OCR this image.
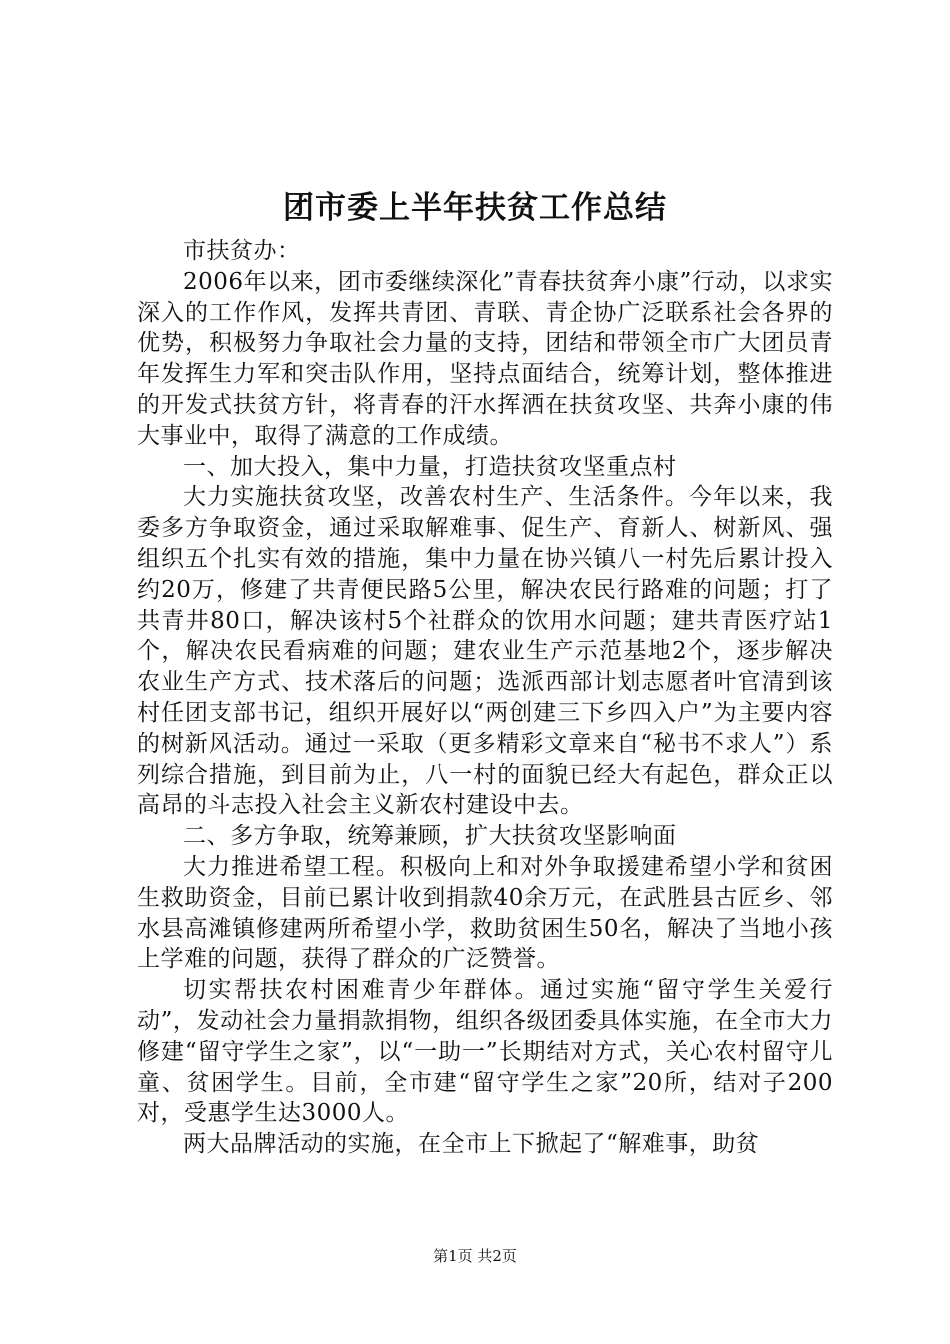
团市委上半年扶贫工作总结

市扶贫办：

2006年以来，团市委继续深化”青春扶贫奔小康”行动，以求实深入的工作作风，发挥共青团、青联、青企协广泛联系社会各界的优势，积极努力争取社会力量的支持，团结和带领全市广大团员青年发挥生力军和突击队作用，坚持点面结合，统筹计划，整体推进的开发式扶贫方针，将青春的汗水挥洒在扶贫攻坚、共奔小康的伟大事业中，取得了满意的工作成绩。

一、加大投入，集中力量，打造扶贫攻坚重点村

大力实施扶贫攻坚，改善农村生产、生活条件。今年以来，我委多方争取资金，通过采取解难事、促生产、育新人、树新风、强组织五个扎实有效的措施，集中力量在协兴镇八一村先后累计投入约20万，修建了共青便民路5公里，解决农民行路难的问题；打了共青井80口，解决该村5个社群众的饮用水问题；建共青医疗站1个，解决农民看病难的问题；建农业生产示范基地2个，逐步解决农业生产方式、技术落后的问题；选派西部计划志愿者叶官清到该村任团支部书记，组织开展好以“两创建三下乡四入户”为主要内容的树新风活动。通过一采取（更多精彩文章来自“秘书不求人”）系列综合措施，到目前为止，八一村的面貌已经大有起色，群众正以高昂的斗志投入社会主义新农村建设中去。

二、多方争取，统筹兼顾，扩大扶贫攻坚影响面

大力推进希望工程。积极向上和对外争取援建希望小学和贫困生救助资金，目前已累计收到捐款40余万元，在武胜县古匠乡、邻水县高滩镇修建两所希望小学，救助贫困生50名，解决了当地小孩上学难的问题，获得了群众的广泛赞誉。

切实帮扶农村困难青少年群体。通过实施“留守学生关爱行动”，发动社会力量捐款捐物，组织各级团委具体实施，在全市大力修建“留守学生之家”，以“一助一”长期结对方式，关心农村留守儿童、贫困学生。目前，全市建“留守学生之家”20所，结对子200对，受惠学生达3000人。

两大品牌活动的实施，在全市上下掀起了“解难事，助贫

第1页 共2页
